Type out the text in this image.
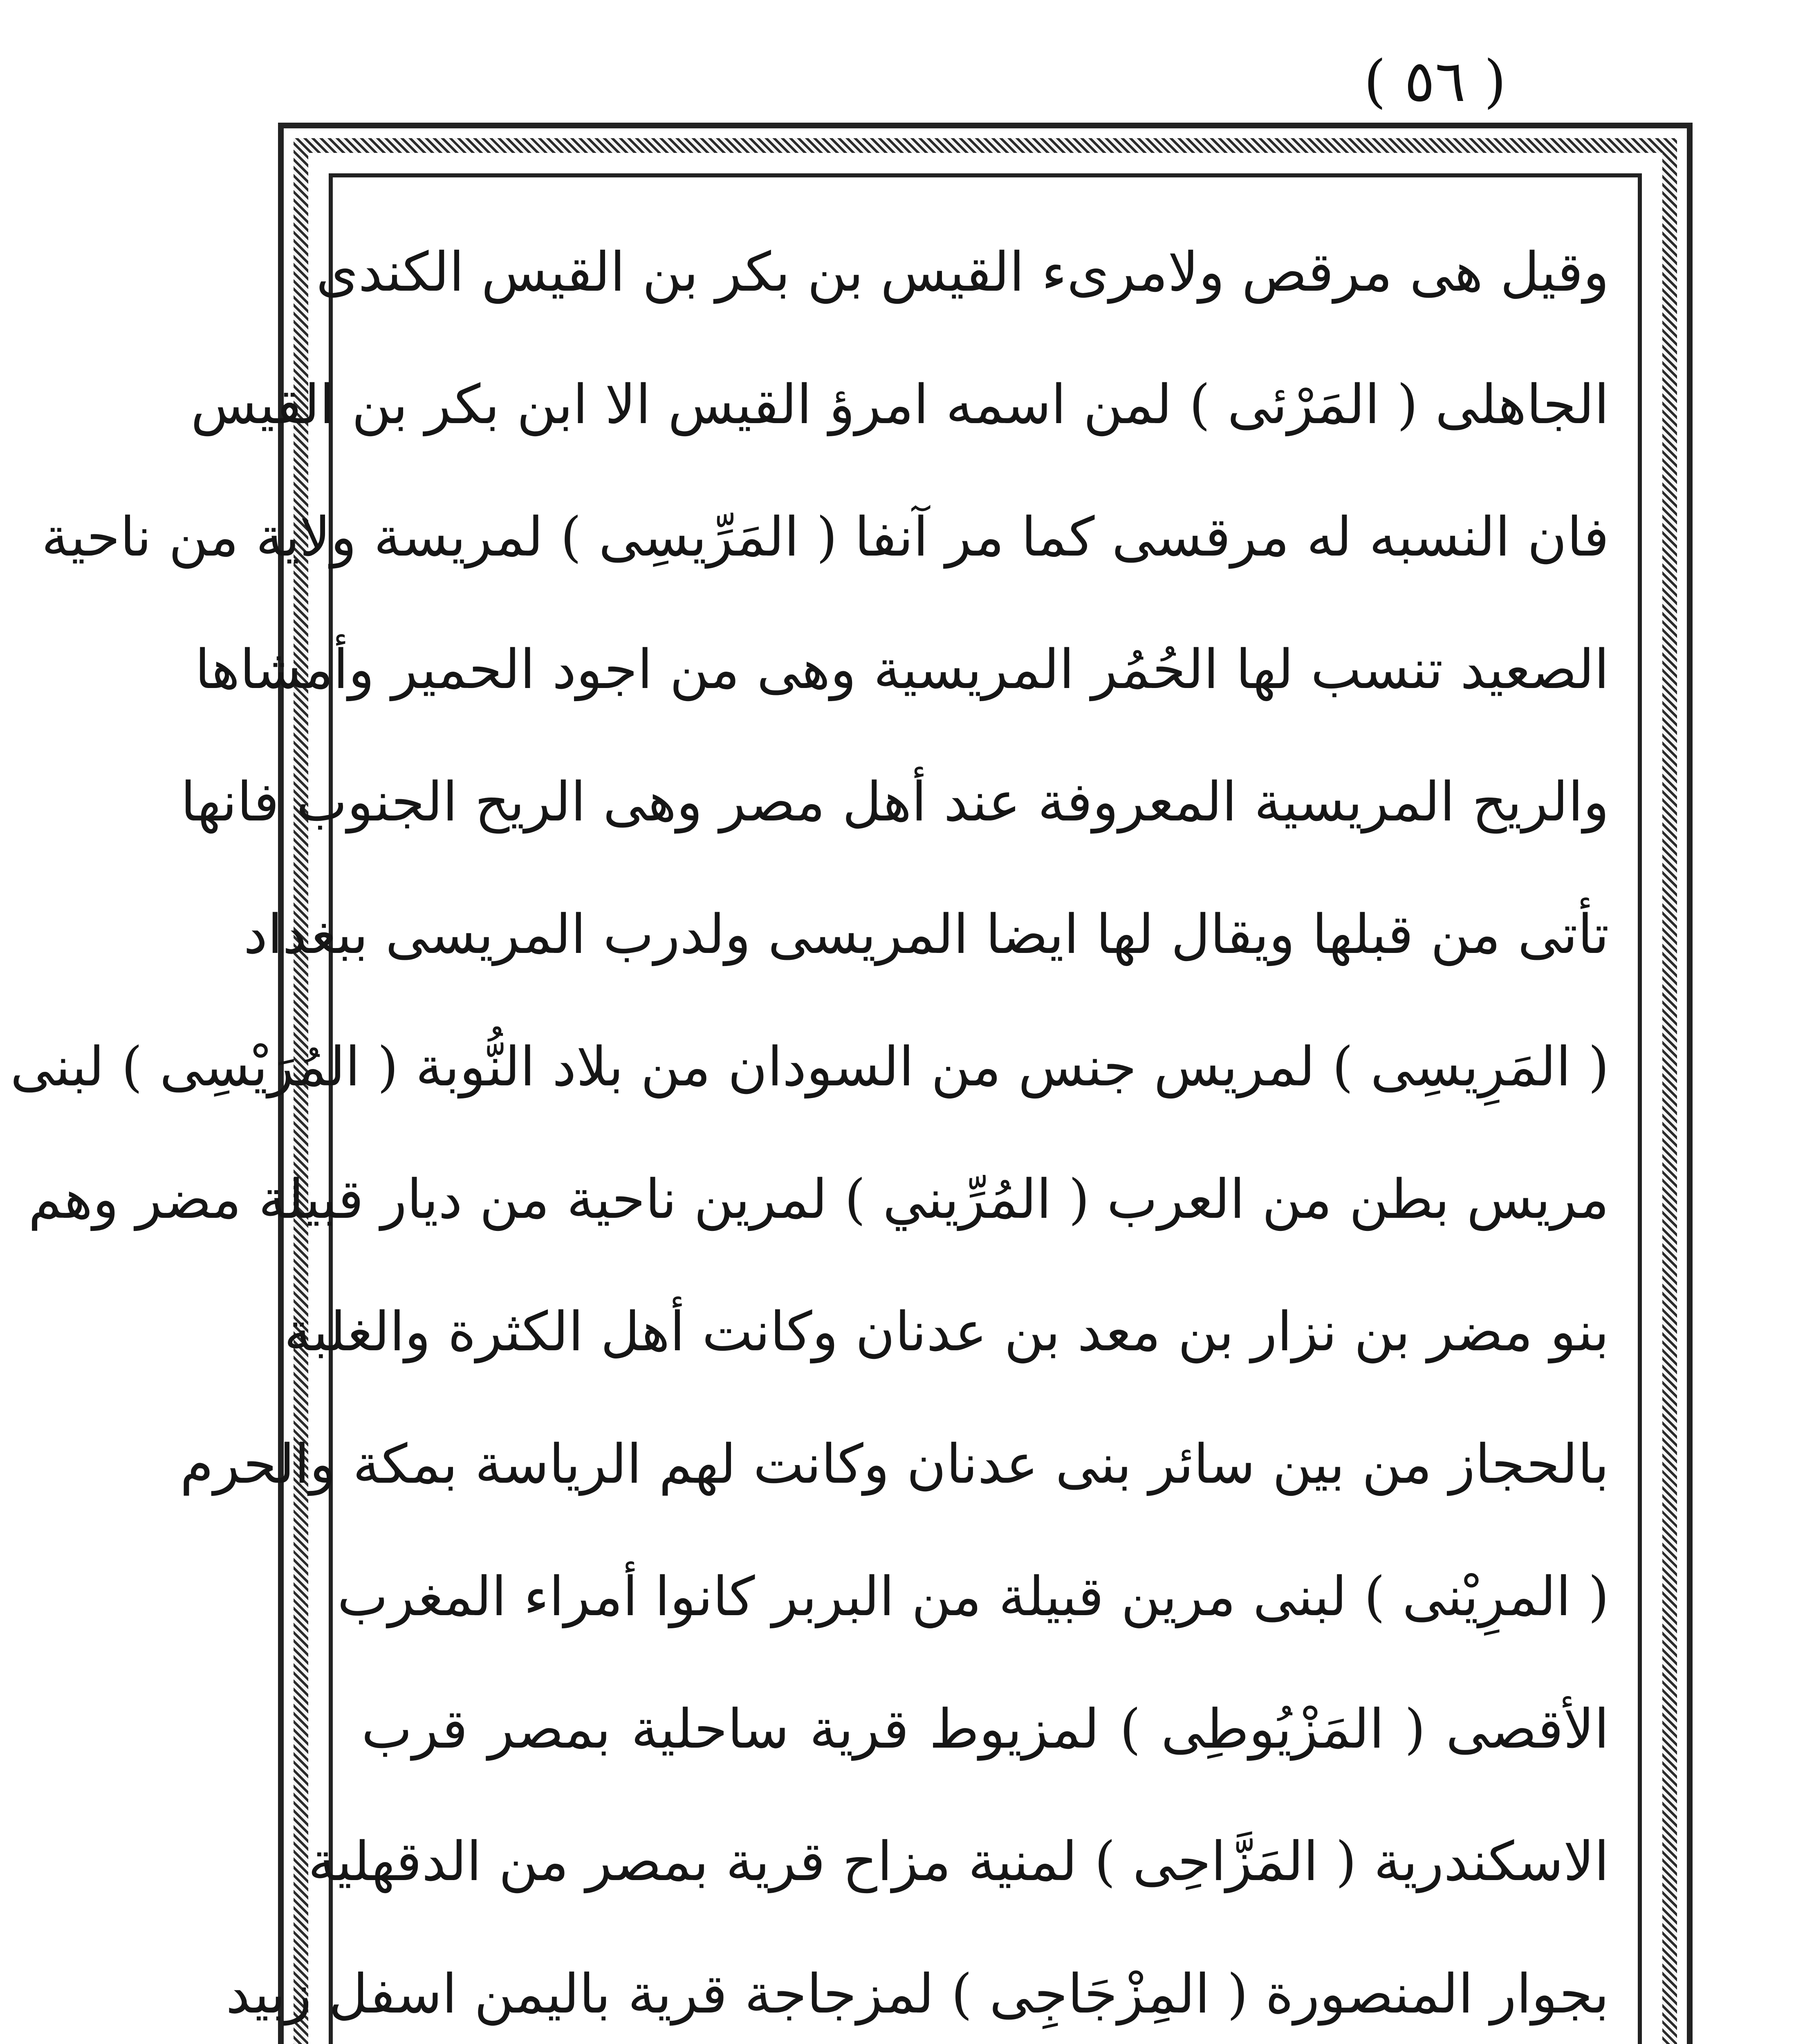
( ٥٦ )
وقيل هى مرقص ولامرىء القيس بن بكر بن القيس الكندى
الجاهلى ( المَرْئى ) لمن اسمه امرؤ القيس الا ابن بكر بن القيس
فان النسبه له مرقسى كما مر آنفا ( المَرِّيسِى ) لمريسة ولاية من ناحية
الصعيد تنسب لها الحُمُر المريسية وهى من اجود الحمير وأمشاها
والريح المريسية المعروفة عند أهل مصر وهى الريح الجنوب فانها
تأتى من قبلها ويقال لها ايضا المريسى ولدرب المريسى ببغداد
( المَرِيسِى ) لمريس جنس من السودان من بلاد النُّوبة ( المُرَيْسِى ) لبنى
مريس بطن من العرب ( المُرِّيني ) لمرين ناحية من ديار قبيلة مضر وهم
بنو مضر بن نزار بن معد بن عدنان وكانت أهل الكثرة والغلبة
بالحجاز من بين سائر بنى عدنان وكانت لهم الرياسة بمكة والحرم
( المرِيْنى ) لبنى مرين قبيلة من البربر كانوا أمراء المغرب
الأقصى ( المَزْيُوطِى ) لمزيوط قرية ساحلية بمصر قرب
الاسكندرية ( المَزَّاحِى ) لمنية مزاح قرية بمصر من الدقهلية
بجوار المنصورة ( المِزْجَاجِى ) لمزجاجة قرية باليمن اسفل زبيد
